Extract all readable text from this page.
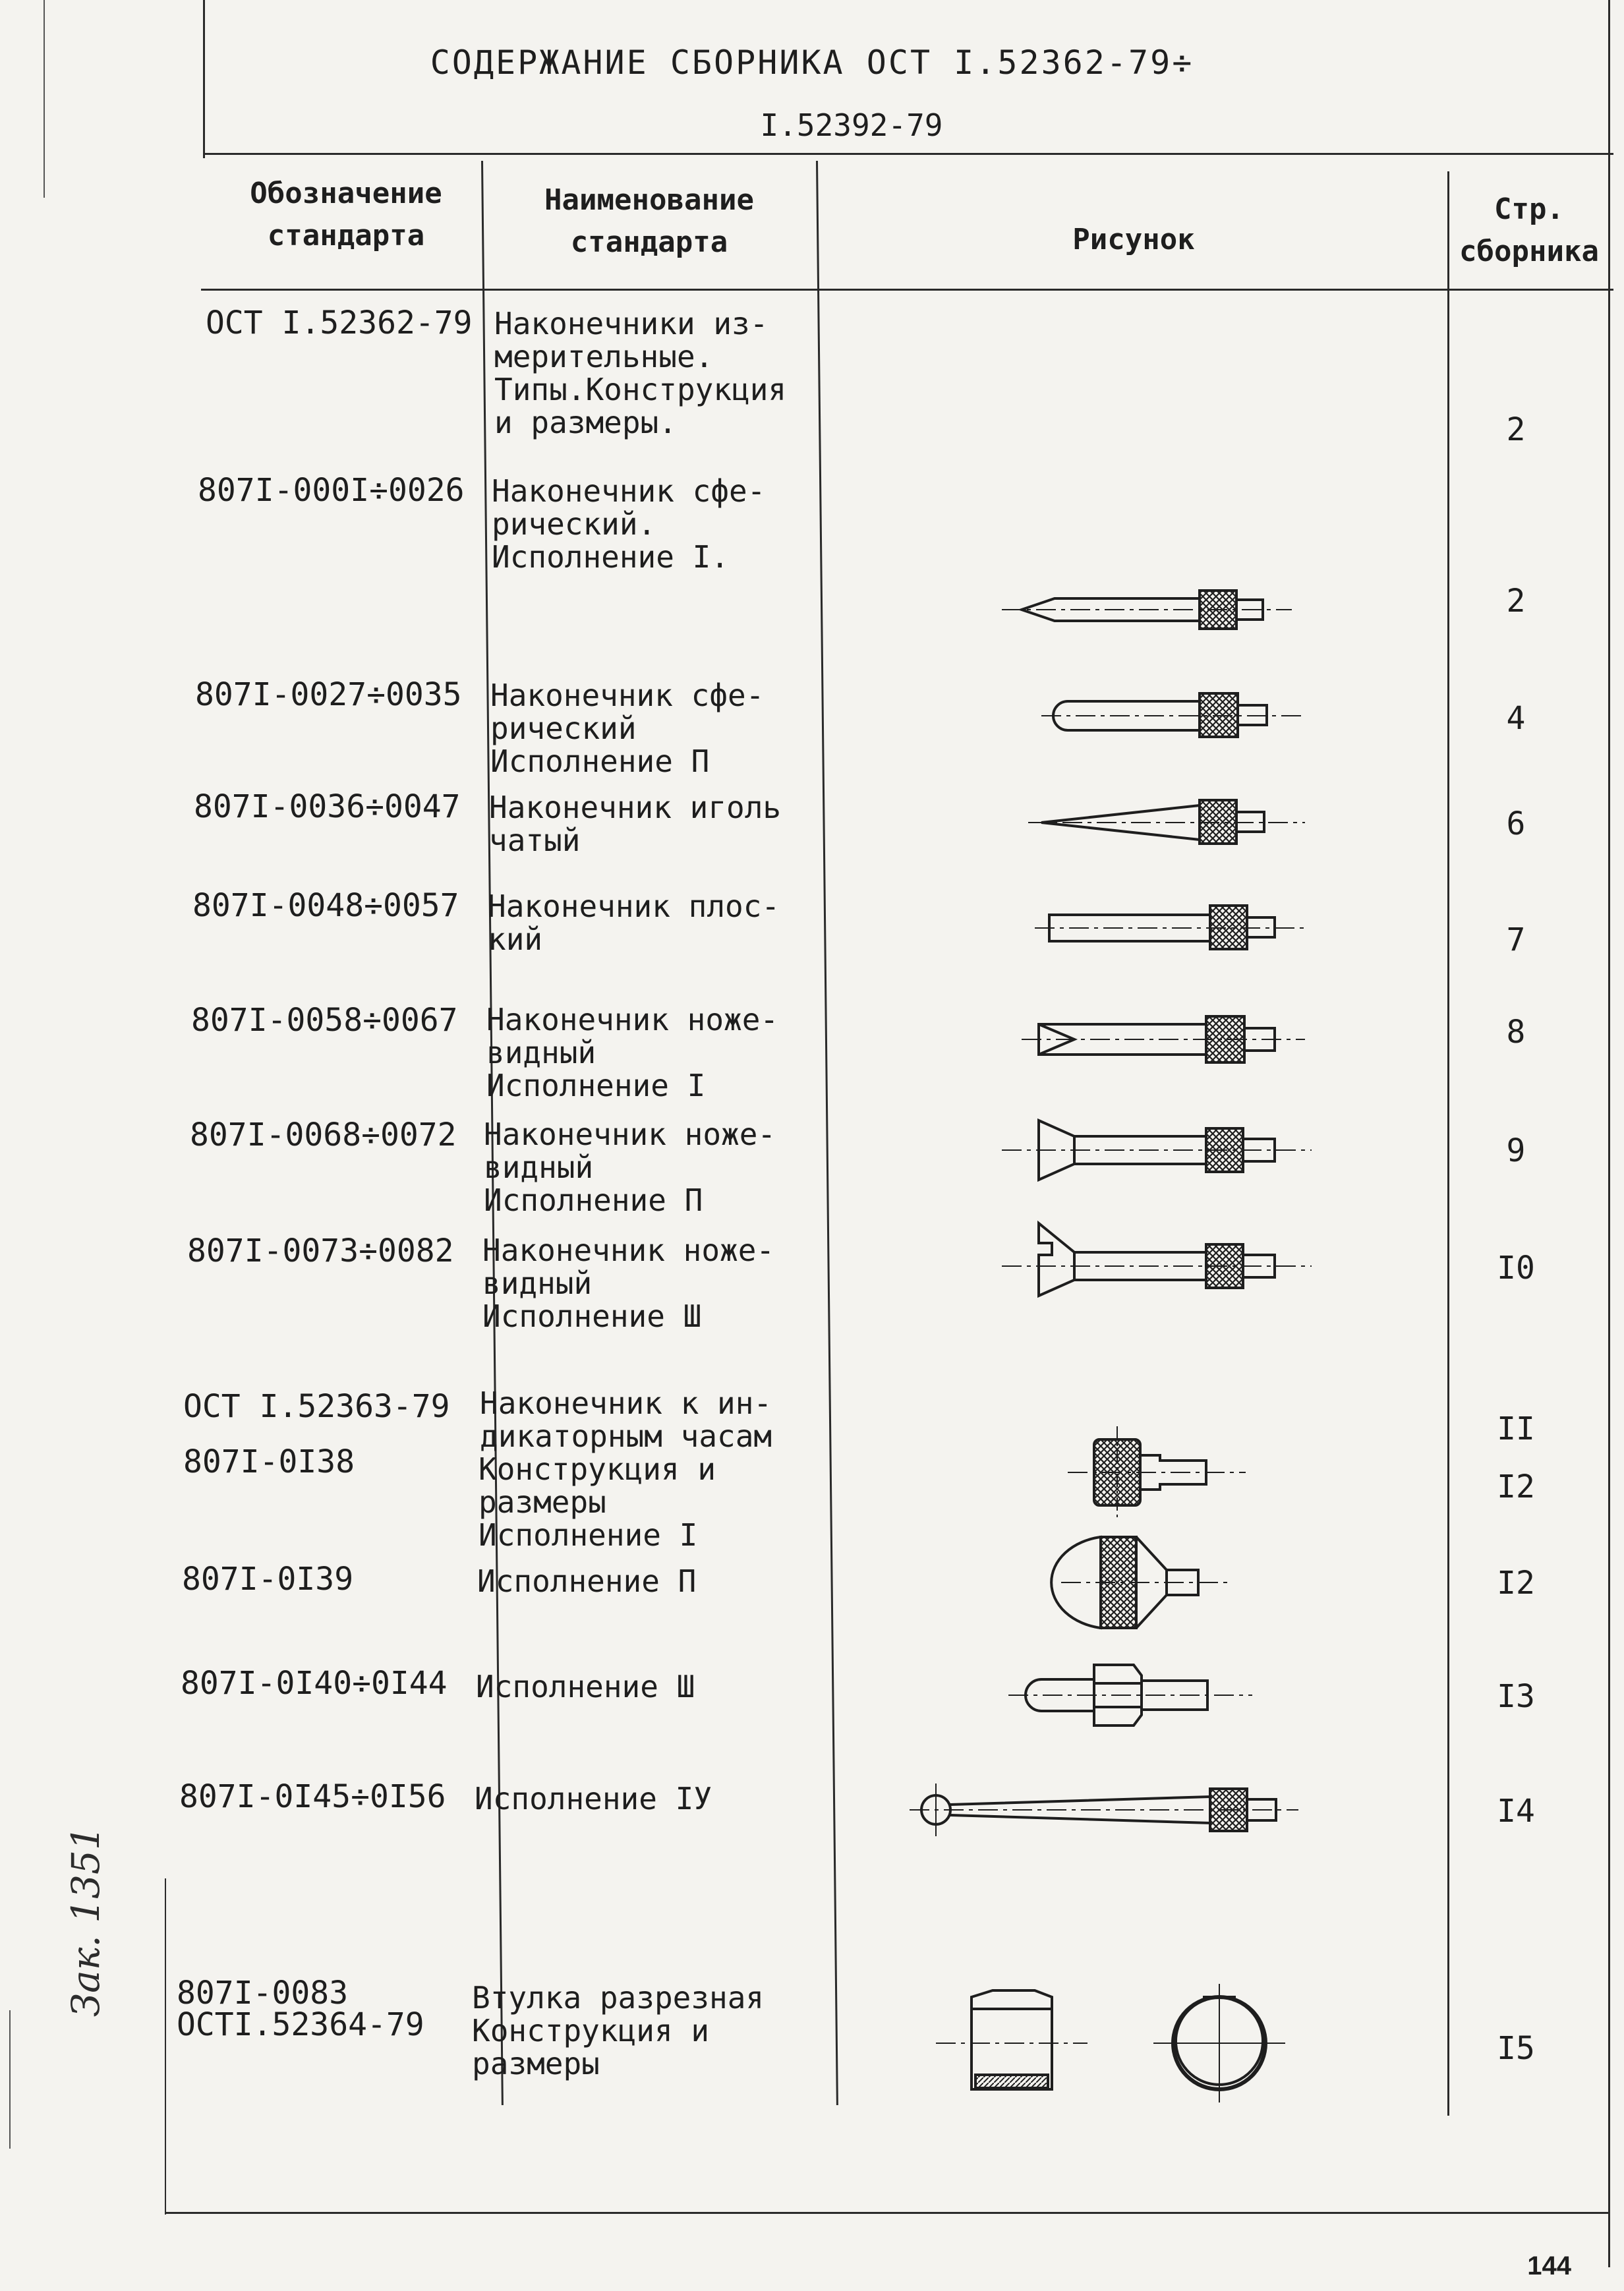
СОДЕРЖАНИЕ СБОРНИКА ОСТ I.52362-79÷
I.52392-79
Обозначение стандарта
Наименование стандарта	Рисунок
Стр. сборника
ОСТ I.52362-79
807I-000I÷0026
807I-0027÷0035
807I-0036÷0047
807I-0048÷0057
807I-0058÷0067
807I-0068÷0072
807I-0073÷0082
ОСТ I.52363-79
807I-0I38
807I-0I39
807I-0I40÷0I44
807I-0I45÷0I56
807I-0083
ОСТI.52364-79
Наконечники из-
мерительные.
Типы.Конструкция
и размеры.
Наконечник сфе-
рический.
Исполнение I.
Наконечник сфе-
рический
Исполнение П
Наконечник иголь
чатый
Наконечник плос-
кий
Наконечник ноже-
видный
Исполнение I
Наконечник ноже-
видный
Исполнение П
Наконечник ноже-
видный
Исполнение Ш
Наконечник к ин-
дикаторным часам
Конструкция и
размеры
Исполнение I
Исполнение П
Исполнение Ш
Исполнение IУ
Втулка разрезная
Конструкция и
размеры
2
2
4
6
7
8
9
I0
II
I2
I2
I3
I4
I5
Зак. 1351
144
